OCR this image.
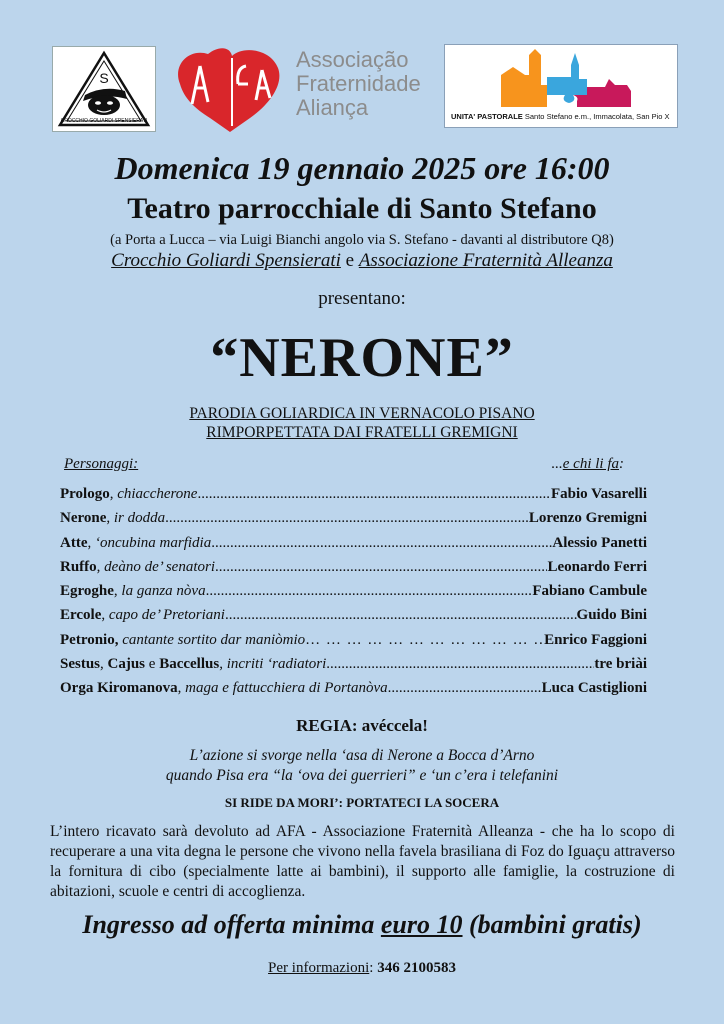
S
CROCCHIO GOLIARDI SPENSIERATI
Associação
Fraternidade
Aliança	UNITA' PASTORALE Santo Stefano e.m., Immacolata, San Pio X
Domenica 19 gennaio 2025 ore 16:00
Teatro parrocchiale di Santo Stefano
(a Porta a Lucca – via Luigi Bianchi angolo via S. Stefano - davanti al distributore Q8)
Crocchio Goliardi Spensierati e Associazione Fraternità Alleanza
presentano:
“NERONE”
PARODIA GOLIARDICA IN VERNACOLO PISANO
RIMPORPETTATA DAI FRATELLI GREMIGNI
Personaggi:	...e chi li fa:
Prologo, chiaccherone .....	Fabio Vasarelli
Nerone, ir dodda .....	Lorenzo Gremigni
Atte, ‘oncubina marfidia .....	Alessio Panetti
Ruffo, deàno de’ senatori .....	Leonardo Ferri
Egroghe, la ganza nòva .....	Fabiano Cambule
Ercole, capo de’ Pretoriani .....	Guido Bini
Petronio, cantante sortito dar maniòmio … … … … … … … … … … … … … … … … … … … … … … … … … … … … … … … …	Enrico Faggioni
Sestus, Cajus e Baccellus, incriti ‘radiatori .....	tre briài
Orga Kiromanova, maga e fattucchiera di Portanòva .....	Luca Castiglioni
REGIA: avéccela!
L’azione si svorge nella ‘asa di Nerone a Bocca d’Arno
quando Pisa era “la ‘ova dei guerrieri” e ‘un c’era i telefanini
SI RIDE DA MORI’: PORTATECI LA SOCERA
L’intero ricavato sarà devoluto ad AFA - Associazione Fraternità Alleanza - che ha lo scopo di recuperare a una vita degna le persone che vivono nella favela brasiliana di Foz do Iguaçu attraverso la fornitura di cibo (specialmente latte ai bambini), il supporto alle famiglie, la costruzione di abitazioni, scuole e centri di accoglienza.
Ingresso ad offerta minima euro 10 (bambini gratis)
Per informazioni: 346 2100583
